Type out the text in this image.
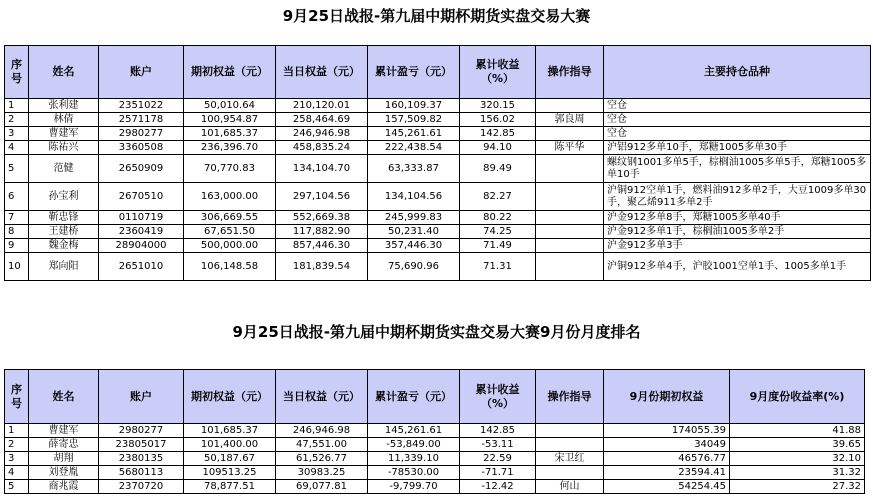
9月25日战报-第九届中期杯期货实盘交易大赛
序号	姓名	账户	期初权益（元）	当日权益（元）	累计盈亏（元）	累计收益（%）	操作指导	主要持仓品种
1	张利建	2351022	50,010.64	210,120.01	160,109.37	320.15		空仓
2	林倩	2571178	100,954.87	258,464.69	157,509.82	156.02	郭良周	空仓
3	曹建军	2980277	101,685.37	246,946.98	145,261.61	142.85		空仓
4	陈祐兴	3360508	236,396.70	458,835.24	222,438.54	94.10	陈平华	沪铝912多单10手，郑糖1005多单30手
5	范健	2650909	70,770.83	134,104.70	63,333.87	89.49		螺纹钢1001多单5手，棕榈油1005多单5手，郑糖1005多单10手
6	孙宝利	2670510	163,000.00	297,104.56	134,104.56	82.27		沪铜912空单1手，燃料油912多单2手，大豆1009多单30手，聚乙烯911多单2手
7	靳忠锋	0110719	306,669.55	552,669.38	245,999.83	80.22		沪金912多单8手，郑糖1005多单40手
8	王建桥	2360419	67,651.50	117,882.90	50,231.40	74.25		沪金912多单1手，棕榈油1005多单2手
9	魏金梅	28904000	500,000.00	857,446.30	357,446.30	71.49		沪金912多单3手
10	郑向阳	2651010	106,148.58	181,839.54	75,690.96	71.31		沪铜912多单4手，沪胶1001空单1手、1005多单1手
9月25日战报-第九届中期杯期货实盘交易大赛9月份月度排名
序号	姓名	账户	期初权益（元）	当日权益（元）	累计盈亏（元）	累计收益（%）	操作指导	9月份期初权益	9月度份收益率(%)
1	曹建军	2980277	101,685.37	246,946.98	145,261.61	142.85		174055.39	41.88
2	薛寄忠	23805017	101,400.00	47,551.00	-53,849.00	-53.11		34049	39.65
3	胡翔	2380135	50,187.67	61,526.77	11,339.10	22.59	宋卫红	46576.77	32.10
4	刘登胤	5680113	109513.25	30983.25	-78530.00	-71.71		23594.41	31.32
5	商兆霞	2370720	78,877.51	69,077.81	-9,799.70	-12.42	何山	54254.45	27.32
